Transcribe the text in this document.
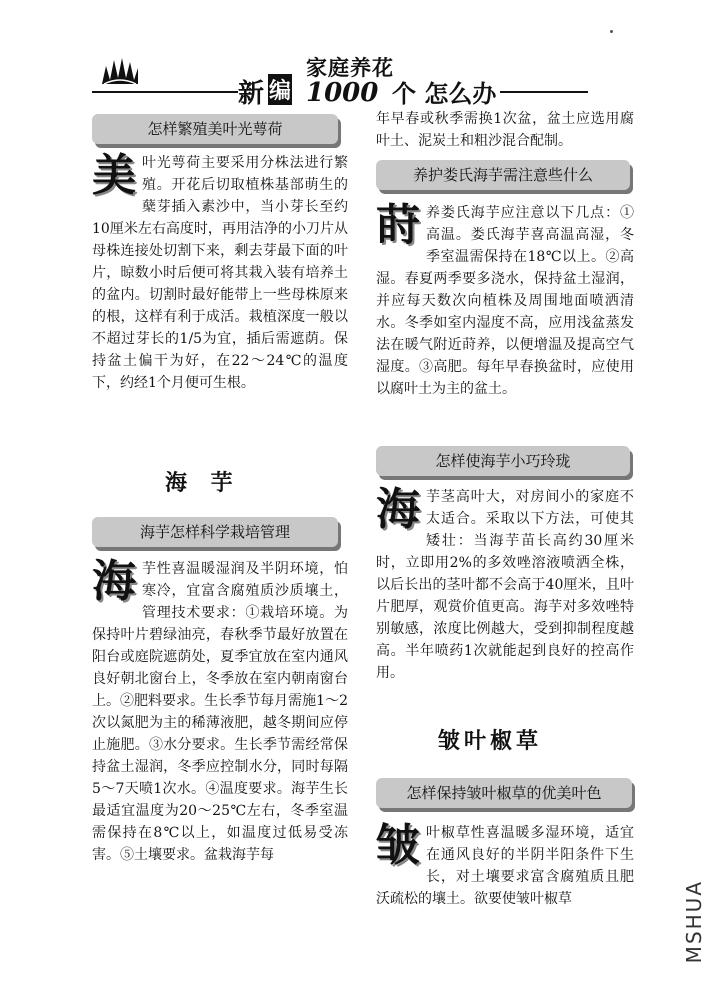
新 编
家庭养花
1000 个 怎么办
怎样繁殖美叶光萼荷

美叶光萼荷主要采用分株法进行繁殖。开花后切取植株基部萌生的蘖芽插入素沙中，当小芽长至约10厘米左右高度时，再用洁净的小刀片从母株连接处切割下来，剩去芽最下面的叶片，晾数小时后便可将其栽入装有培养土的盆内。切割时最好能带上一些母株原来的根，这样有利于成活。栽植深度一般以不超过芽长的1/5为宜，插后需遮荫。保持盆土偏干为好，在22～24℃的温度下，约经1个月便可生根。

海 芋
海芋怎样科学栽培管理

海芋性喜温暖湿润及半阴环境，怕寒冷，宜富含腐殖质沙质壤土，管理技术要求：①栽培环境。为保持叶片碧绿油亮，春秋季节最好放置在阳台或庭院遮荫处，夏季宜放在室内通风良好朝北窗台上，冬季放在室内朝南窗台上。②肥料要求。生长季节每月需施1～2次以氮肥为主的稀薄液肥，越冬期间应停止施肥。③水分要求。生长季节需经常保持盆土湿润，冬季应控制水分，同时每隔5～7天喷1次水。④温度要求。海芋生长最适宜温度为20～25℃左右，冬季室温需保持在8℃以上，如温度过低易受冻害。⑤土壤要求。盆栽海芋每

年早春或秋季需换1次盆，盆土应选用腐叶土、泥炭土和粗沙混合配制。

养护娄氏海芋需注意些什么

莳养娄氏海芋应注意以下几点：①高温。娄氏海芋喜高温高湿，冬季室温需保持在18℃以上。②高湿。春夏两季要多浇水，保持盆土湿润，并应每天数次向植株及周围地面喷洒清水。冬季如室内湿度不高，应用浅盆蒸发法在暖气附近莳养，以便增温及提高空气湿度。③高肥。每年早春换盆时，应使用以腐叶土为主的盆土。

怎样使海芋小巧玲珑

海芋茎高叶大，对房间小的家庭不太适合。采取以下方法，可使其矮壮：当海芋苗长高约30厘米时，立即用2%的多效唑溶液喷洒全株，以后长出的茎叶都不会高于40厘米，且叶片肥厚，观赏价值更高。海芋对多效唑特别敏感，浓度比例越大，受到抑制程度越高。半年喷药1次就能起到良好的控高作用。

皱叶椒草
怎样保持皱叶椒草的优美叶色

皱叶椒草性喜温暖多湿环境，适宜在通风良好的半阴半阳条件下生长，对土壤要求富含腐殖质且肥沃疏松的壤土。欲要使皱叶椒草	MSHUA
